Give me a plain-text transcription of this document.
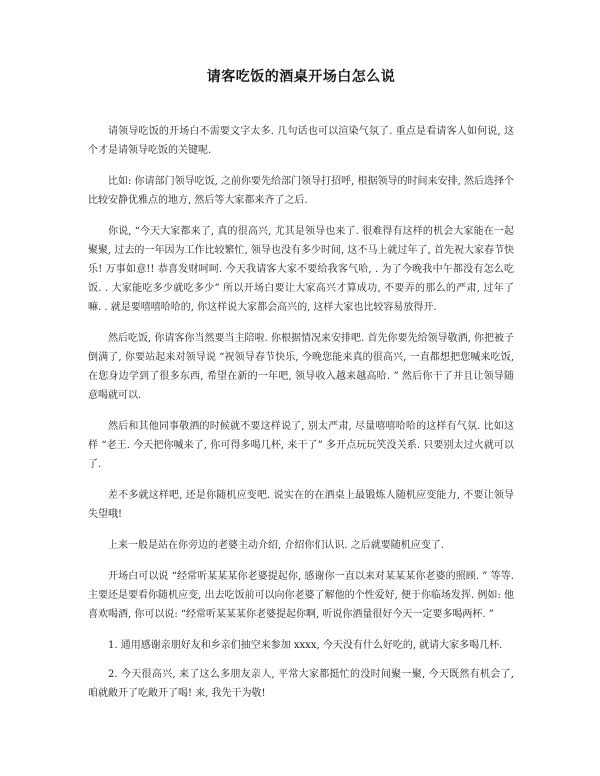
请客吃饭的酒桌开场白怎么说

请领导吃饭的开场白不需要文字太多. 几句话也可以渲染气氛了. 重点是看请客人如何说, 这个才是请领导吃饭的关键呢.

比如: 你请部门领导吃饭, 之前你要先给部门领导打招呼, 根据领导的时间来安排, 然后选择个比较安静优雅点的地方, 然后等大家都来齐了之后.

你说, “今天大家都来了, 真的很高兴, 尤其是领导也来了. 很难得有这样的机会大家能在一起聚聚, 过去的一年因为工作比较繁忙, 领导也没有多少时间, 这不马上就过年了, 首先祝大家春节快乐! 万事如意!! 恭喜发财呵呵. 今天我请客大家不要给我客气哈, . 为了今晚我中午都没有怎么吃饭. . 大家能吃多少就吃多少” 所以开场白要让大家高兴才算成功, 不要弄的那么的严肃, 过年了嘛. . 就是要嘻嘻哈哈的, 你这样说大家都会高兴的, 这样大家也比较容易放得开.

然后吃饭, 你请客你当然要当主陪啦. 你根据情况来安排吧. 首先你要先给领导敬酒, 你把被子倒满了, 你要站起来对领导说 “祝领导春节快乐, 今晚您能来真的很高兴, 一直都想把您喊来吃饭, 在您身边学到了很多东西, 希望在新的一年吧, 领导收入越来越高哈. ” 然后你干了并且让领导随意喝就可以.

然后和其他同事敬酒的时候就不要这样说了, 别太严肃, 尽量嘻嘻哈哈的这样有气氛. 比如这样 “老王. 今天把你喊来了, 你可得多喝几杯, 来干了” 多开点玩玩笑没关系. 只要别太过火就可以了.

差不多就这样吧, 还是你随机应变吧. 说实在的在酒桌上最锻炼人随机应变能力, 不要让领导失望哦!

上来一般是站在你旁边的老婆主动介绍, 介绍你们认识. 之后就要随机应变了.

开场白可以说 “经常听某某某你老婆提起你, 感谢你一直以来对某某某你老婆的照顾. ” 等等. 主要还是要看你随机应变, 出去吃饭前可以向你老婆了解他的个性爱好, 便于你临场发挥. 例如: 他喜欢喝酒, 你可以说: “经常听某某某你老婆提起你啊, 听说你酒量很好今天一定要多喝两杯. ”

1. 通用感谢亲朋好友和乡亲们抽空来参加 xxxx, 今天没有什么好吃的, 就请大家多喝几杯.

2. 今天很高兴, 来了这么多朋友亲人, 平常大家都挺忙的没时间聚一聚, 今天既然有机会了, 咱就敞开了吃敞开了喝! 来, 我先干为敬!
